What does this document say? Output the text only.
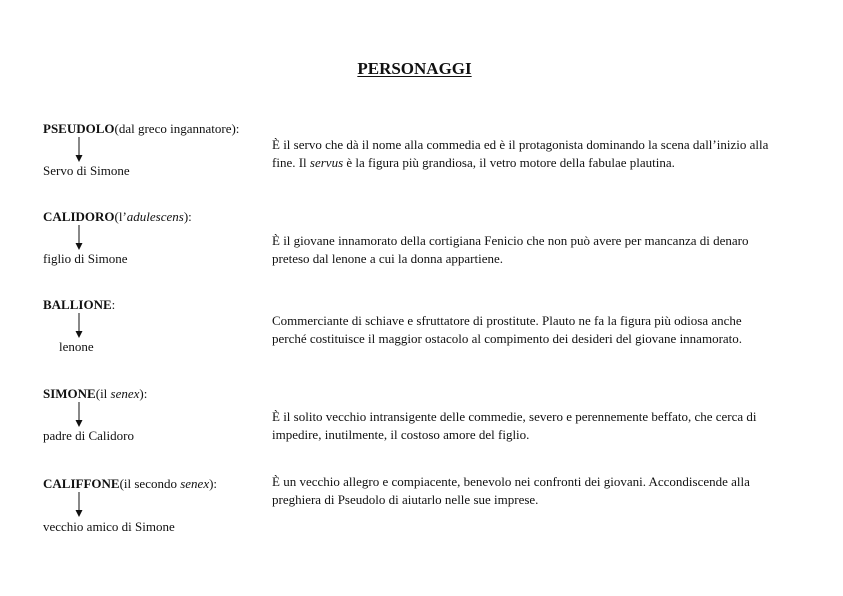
PERSONAGGI
PSEUDOLO(dal greco ingannatore):
Servo di Simone

È il servo che dà il nome alla commedia ed è il protagonista dominando la scena dall’inizio alla fine. Il servus è la figura più grandiosa, il vetro motore della fabulae plautina.

CALIDORO(l’adulescens):
figlio di Simone
È il giovane innamorato della cortigiana Fenicio che non può avere per mancanza di denaro preteso dal lenone a cui la donna appartiene.
BALLIONE:
lenone
Commerciante di schiave e sfruttatore di prostitute. Plauto ne fa la figura più odiosa anche perché costituisce il maggior ostacolo al compimento dei desideri del giovane innamorato.
SIMONE(il senex):
padre di Calidoro
È il solito vecchio intransigente delle commedie, severo e perennemente beffato, che cerca di impedire, inutilmente, il costoso amore del figlio.
CALIFFONE(il secondo senex):
vecchio amico di Simone
È un vecchio allegro e compiacente, benevolo nei confronti dei giovani. Accondiscende alla preghiera di Pseudolo di aiutarlo nelle sue imprese.
